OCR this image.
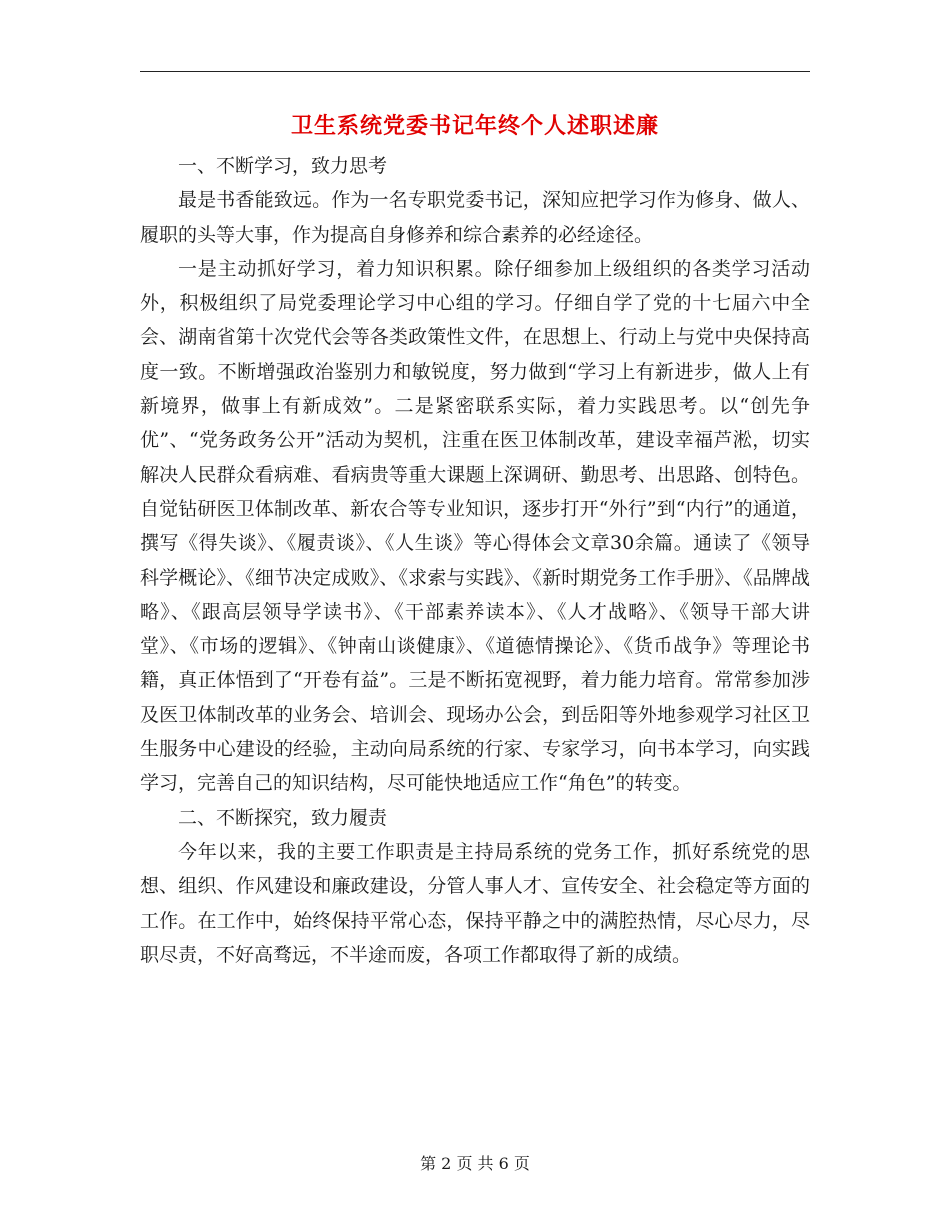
卫生系统党委书记年终个人述职述廉

一、不断学习，致力思考

最是书香能致远。作为一名专职党委书记，深知应把学习作为修身、做人、履职的头等大事，作为提高自身修养和综合素养的必经途径。

一是主动抓好学习，着力知识积累。除仔细参加上级组织的各类学习活动外，积极组织了局党委理论学习中心组的学习。仔细自学了党的十七届六中全会、湖南省第十次党代会等各类政策性文件，在思想上、行动上与党中央保持高度一致。不断增强政治鉴别力和敏锐度，努力做到“学习上有新进步，做人上有新境界，做事上有新成效”。二是紧密联系实际，着力实践思考。以“创先争优”、“党务政务公开”活动为契机，注重在医卫体制改革，建设幸福芦淞，切实解决人民群众看病难、看病贵等重大课题上深调研、勤思考、出思路、创特色。自觉钻研医卫体制改革、新农合等专业知识，逐步打开“外行”到“内行”的通道，撰写《得失谈》、《履责谈》、《人生谈》等心得体会文章30余篇。通读了《领导科学概论》、《细节决定成败》、《求索与实践》、《新时期党务工作手册》、《品牌战略》、《跟高层领导学读书》、《干部素养读本》、《人才战略》、《领导干部大讲堂》、《市场的逻辑》、《钟南山谈健康》、《道德情操论》、《货币战争》等理论书籍，真正体悟到了“开卷有益”。三是不断拓宽视野，着力能力培育。常常参加涉及医卫体制改革的业务会、培训会、现场办公会，到岳阳等外地参观学习社区卫生服务中心建设的经验，主动向局系统的行家、专家学习，向书本学习，向实践学习，完善自己的知识结构，尽可能快地适应工作“角色”的转变。

二、不断探究，致力履责

今年以来，我的主要工作职责是主持局系统的党务工作，抓好系统党的思想、组织、作风建设和廉政建设，分管人事人才、宣传安全、社会稳定等方面的工作。在工作中，始终保持平常心态，保持平静之中的满腔热情，尽心尽力，尽职尽责，不好高骛远，不半途而废，各项工作都取得了新的成绩。

第 2 页 共 6 页
